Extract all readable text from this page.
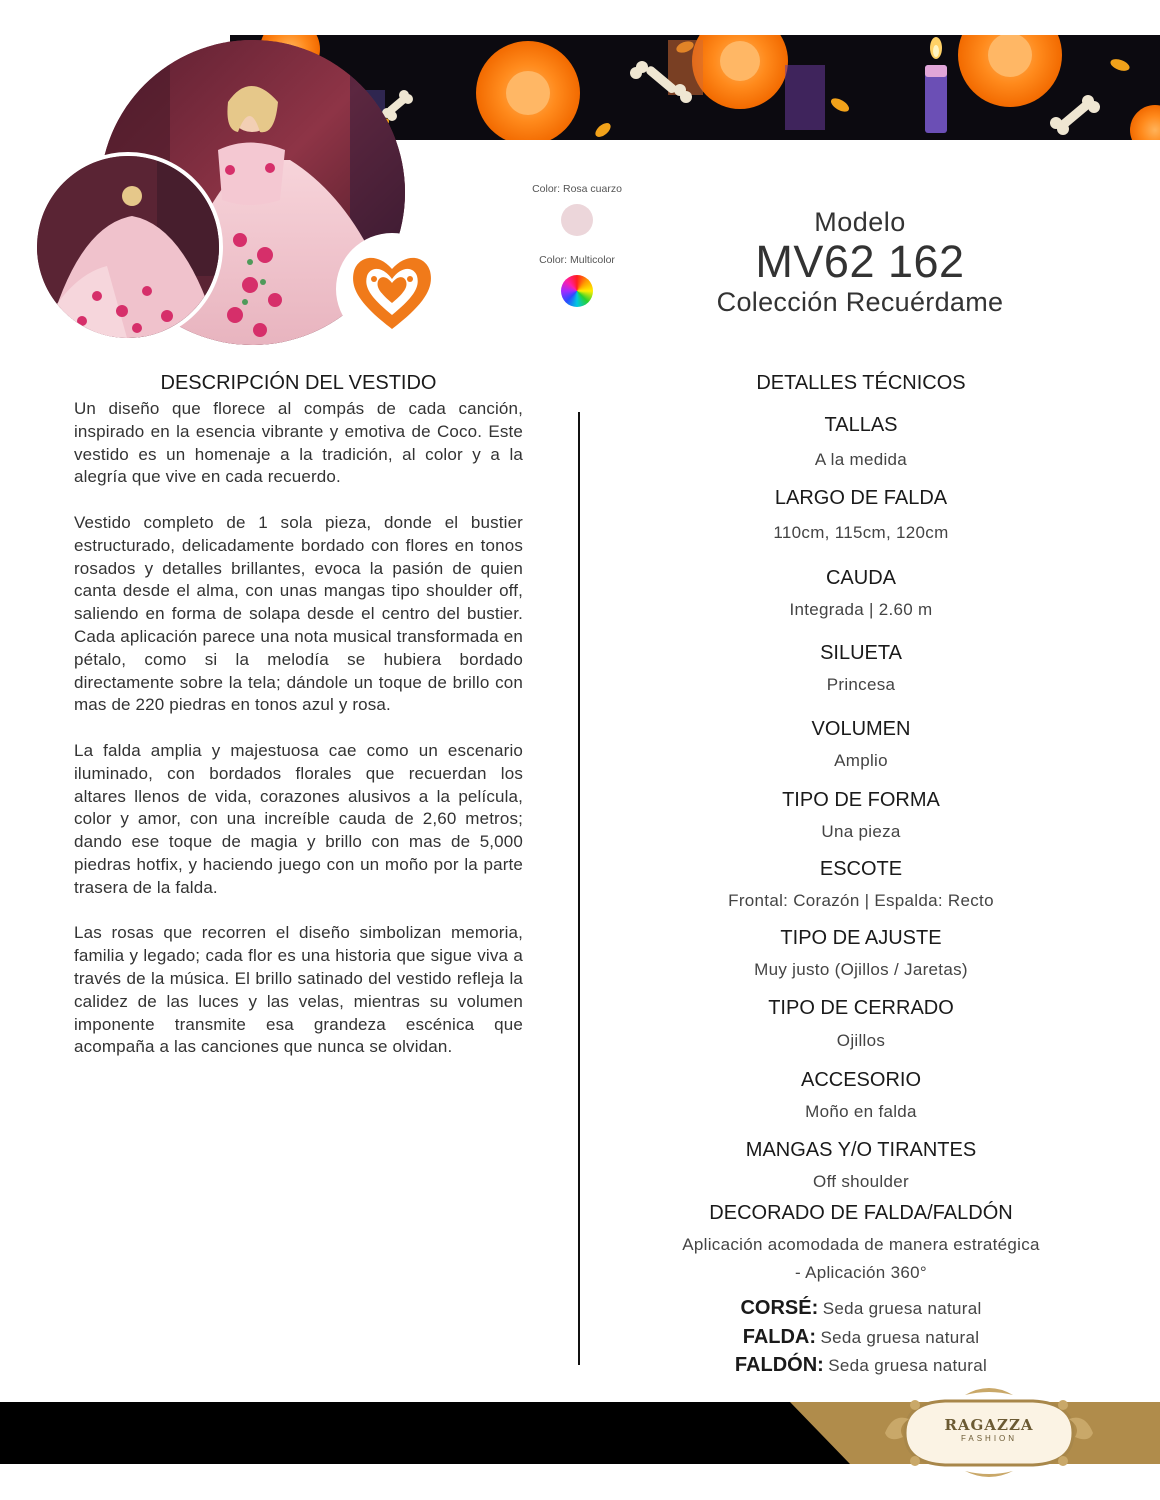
Color: Rosa cuarzo
Color: Multicolor
Modelo
MV62 162
Colección Recuérdame
DESCRIPCIÓN DEL VESTIDO

Un diseño que florece al compás de cada canción, inspirado en la esencia vibrante y emotiva de Coco. Este vestido es un homenaje a la tradición, al color y a la alegría que vive en cada recuerdo.

Vestido completo de 1 sola pieza, donde el bustier estructurado, delicadamente bordado con flores en tonos rosados y detalles brillantes, evoca la pasión de quien canta desde el alma, con unas mangas tipo shoulder off, saliendo en forma de solapa desde el centro del bustier. Cada aplicación parece una nota musical transformada en pétalo, como si la melodía se hubiera bordado directamente sobre la tela; dándole un toque de brillo con mas de 220 piedras en tonos azul y rosa.

La falda amplia y majestuosa cae como un escenario iluminado, con bordados florales que recuerdan los altares llenos de vida, corazones alusivos a la película, color y amor, con una increíble cauda de 2,60 metros; dando ese toque de magia y brillo con mas de 5,000 piedras hotfix, y haciendo juego con un moño por la parte trasera de la falda.

Las rosas que recorren el diseño simbolizan memoria, familia y legado; cada flor es una historia que sigue viva a través de la música. El brillo satinado del vestido refleja la calidez de las luces y las velas, mientras su volumen imponente transmite esa grandeza escénica que acompaña a las canciones que nunca se olvidan.

DETALLES TÉCNICOS
TALLAS
A la medida
LARGO DE FALDA
110cm, 115cm, 120cm
CAUDA
Integrada | 2.60 m
SILUETA
Princesa
VOLUMEN
Amplio
TIPO DE FORMA
Una pieza
ESCOTE
Frontal: Corazón | Espalda: Recto
TIPO DE AJUSTE
Muy justo (Ojillos / Jaretas)
TIPO DE CERRADO
Ojillos
ACCESORIO
Moño en falda
MANGAS Y/O TIRANTES
Off shoulder
DECORADO DE FALDA/FALDÓN
Aplicación acomodada de manera estratégica
- Aplicación 360°
CORSÉ: Seda gruesa natural
FALDA: Seda gruesa natural
FALDÓN: Seda gruesa natural
RAGAZZA
FASHION
